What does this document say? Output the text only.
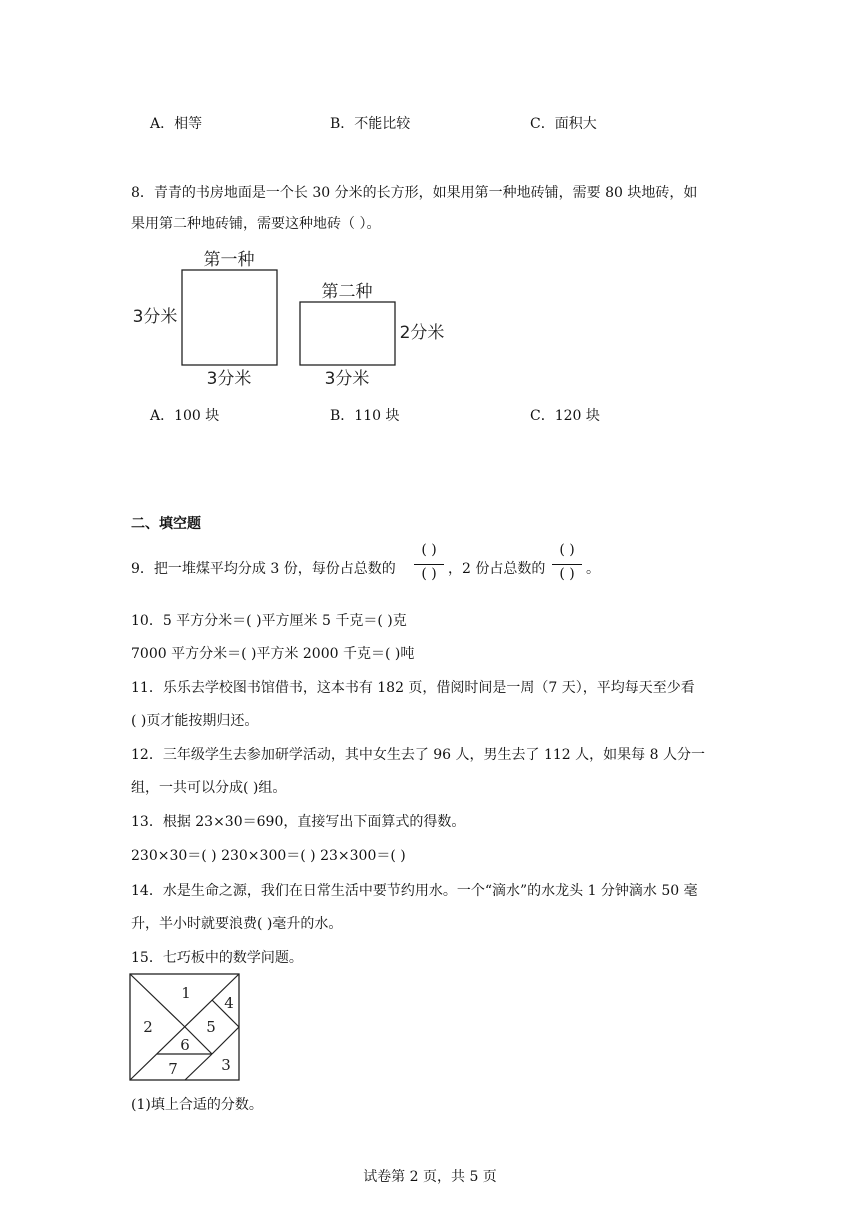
A．相等	B．不能比较	C．面积大
8．青青的书房地面是一个长 30 分米的长方形，如果用第一种地砖铺，需要 80 块地砖，如
果用第二种地砖铺，需要这种地砖（ ）。
第一种
3分米
3分米
第二种
2分米
3分米
A．100 块	B．110 块	C．120 块
二、填空题
9．把一堆煤平均分成 3 份，每份占总数的
( )
( ) ，2 份占总数的
( )
( ) 。
10．5 平方分米＝( )平方厘米 5 千克＝( )克
7000 平方分米＝( )平方米 2000 千克＝( )吨
11．乐乐去学校图书馆借书，这本书有 182 页，借阅时间是一周（7 天），平均每天至少看
( )页才能按期归还。
12．三年级学生去参加研学活动，其中女生去了 96 人，男生去了 112 人，如果每 8 人分一
组，一共可以分成( )组。
13．根据 23×30＝690，直接写出下面算式的得数。
230×30＝( ) 230×300＝( ) 23×300＝( )
14．水是生命之源，我们在日常生活中要节约用水。一个“滴水”的水龙头 1 分钟滴水 50 毫
升，半小时就要浪费( )毫升的水。
15．七巧板中的数学问题。
1
2
3
4
5
6
7
(1)填上合适的分数。
试卷第 2 页，共 5 页
